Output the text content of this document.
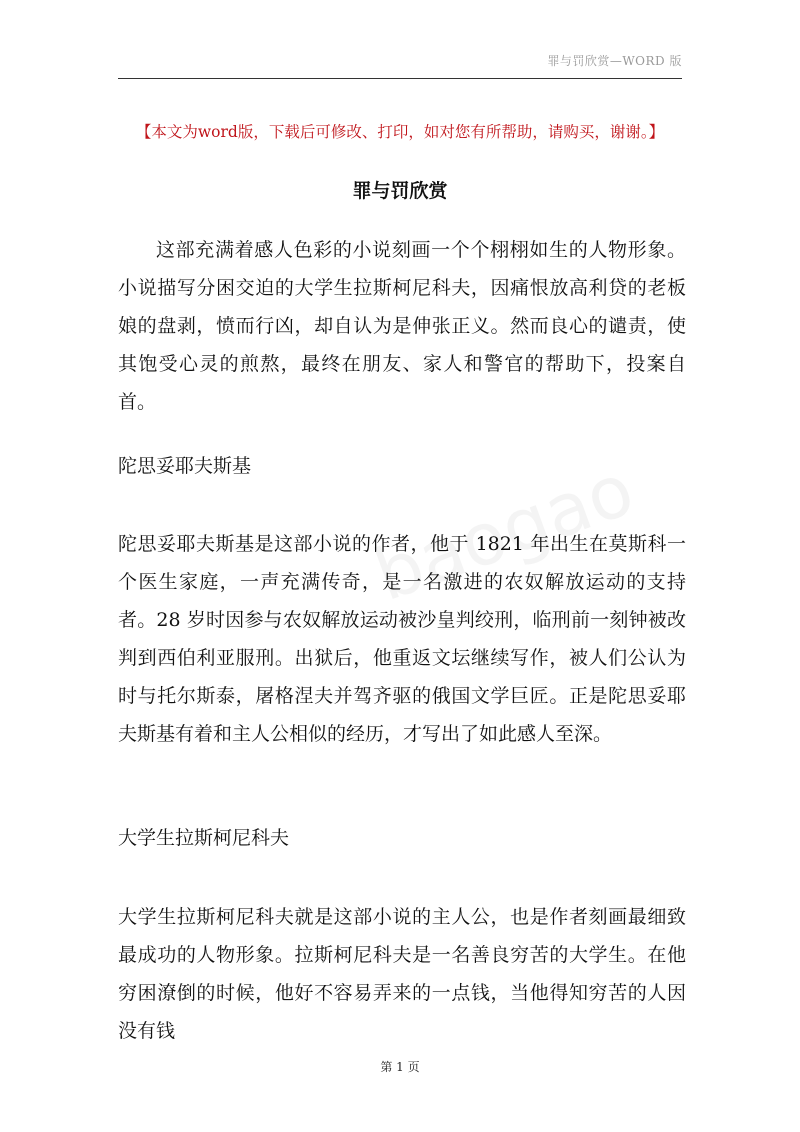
罪与罚欣赏—WORD 版
【本文为word版，下载后可修改、打印，如对您有所帮助，请购买，谢谢。】
罪与罚欣赏

这部充满着感人色彩的小说刻画一个个栩栩如生的人物形象。小说描写分困交迫的大学生拉斯柯尼科夫，因痛恨放高利贷的老板娘的盘剥，愤而行凶，却自认为是伸张正义。然而良心的谴责，使其饱受心灵的煎熬，最终在朋友、家人和警官的帮助下，投案自首。

陀思妥耶夫斯基

陀思妥耶夫斯基是这部小说的作者，他于 1821 年出生在莫斯科一个医生家庭，一声充满传奇，是一名激进的农奴解放运动的支持者。28 岁时因参与农奴解放运动被沙皇判绞刑，临刑前一刻钟被改判到西伯利亚服刑。出狱后，他重返文坛继续写作，被人们公认为时与托尔斯泰，屠格涅夫并驾齐驱的俄国文学巨匠。正是陀思妥耶夫斯基有着和主人公相似的经历，才写出了如此感人至深。

大学生拉斯柯尼科夫

大学生拉斯柯尼科夫就是这部小说的主人公，也是作者刻画最细致最成功的人物形象。拉斯柯尼科夫是一名善良穷苦的大学生。在他穷困潦倒的时候，他好不容易弄来的一点钱，当他得知穷苦的人因没有钱

第 1 页
